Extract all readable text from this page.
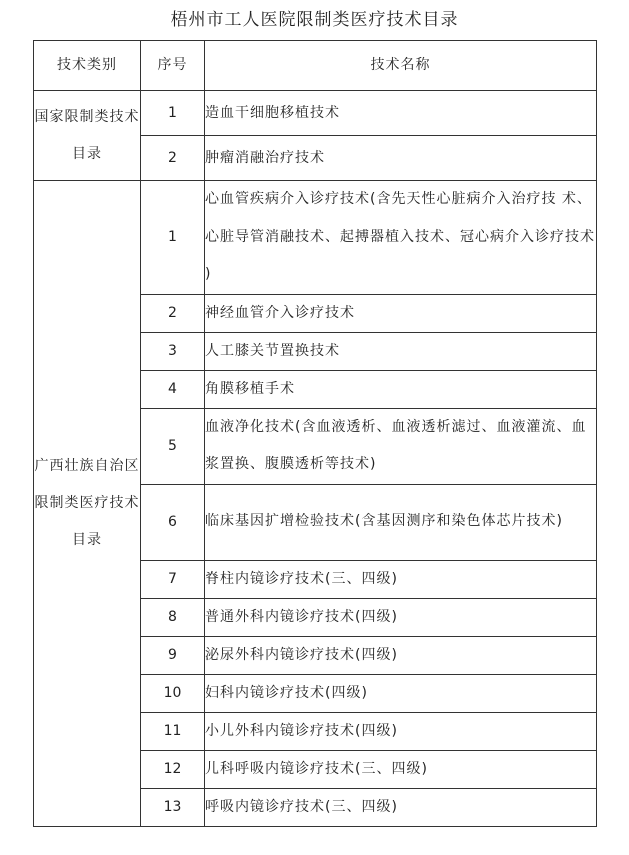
梧州市工人医院限制类医疗技术目录
技术类别	序号	技术名称
国家限制类技术目录	1	造血干细胞移植技术
	2	肿瘤消融治疗技术
广西壮族自治区限制类医疗技术目录	1	心血管疾病介入诊疗技术(含先天性心脏病介入治疗技 术、心脏导管消融技术、起搏器植入技术、冠心病介入诊疗技术 )
	2	神经血管介入诊疗技术
	3	人工膝关节置换技术
	4	角膜移植手术
	5	血液净化技术(含血液透析、血液透析滤过、血液灌流、血浆置换、腹膜透析等技术)
	6	临床基因扩增检验技术(含基因测序和染色体芯片技术)
	7	脊柱内镜诊疗技术(三、四级)
	8	普通外科内镜诊疗技术(四级)
	9	泌尿外科内镜诊疗技术(四级)
	10	妇科内镜诊疗技术(四级)
	11	小儿外科内镜诊疗技术(四级)
	12	儿科呼吸内镜诊疗技术(三、四级)
	13	呼吸内镜诊疗技术(三、四级)
